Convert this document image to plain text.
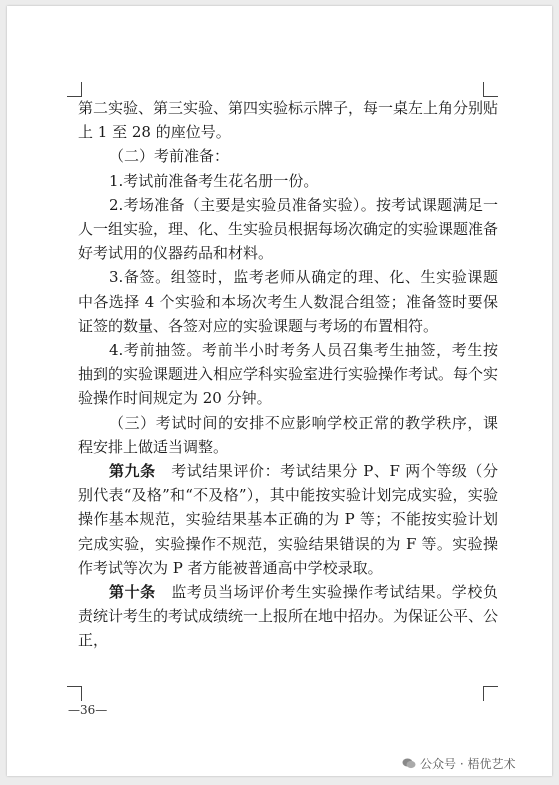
第二实验、第三实验、第四实验标示牌子，每一桌左上角分别贴上 1 至 28 的座位号。

（二）考前准备：

1.考试前准备考生花名册一份。

2.考场准备（主要是实验员准备实验）。按考试课题满足一人一组实验，理、化、生实验员根据每场次确定的实验课题准备好考试用的仪器药品和材料。

3.备签。组签时，监考老师从确定的理、化、生实验课题中各选择 4 个实验和本场次考生人数混合组签；准备签时要保证签的数量、各签对应的实验课题与考场的布置相符。

4.考前抽签。考前半小时考务人员召集考生抽签，考生按抽到的实验课题进入相应学科实验室进行实验操作考试。每个实验操作时间规定为 20 分钟。

（三）考试时间的安排不应影响学校正常的教学秩序，课程安排上做适当调整。

第九条　考试结果评价：考试结果分 P、F 两个等级（分别代表“及格”和“不及格”），其中能按实验计划完成实验，实验操作基本规范，实验结果基本正确的为 P 等；不能按实验计划完成实验，实验操作不规范，实验结果错误的为 F 等。实验操作考试等次为 P 者方能被普通高中学校录取。

第十条　监考员当场评价考生实验操作考试结果。学校负责统计考生的考试成绩统一上报所在地中招办。为保证公平、公正，

—36—
公众号 · 梧优艺术
